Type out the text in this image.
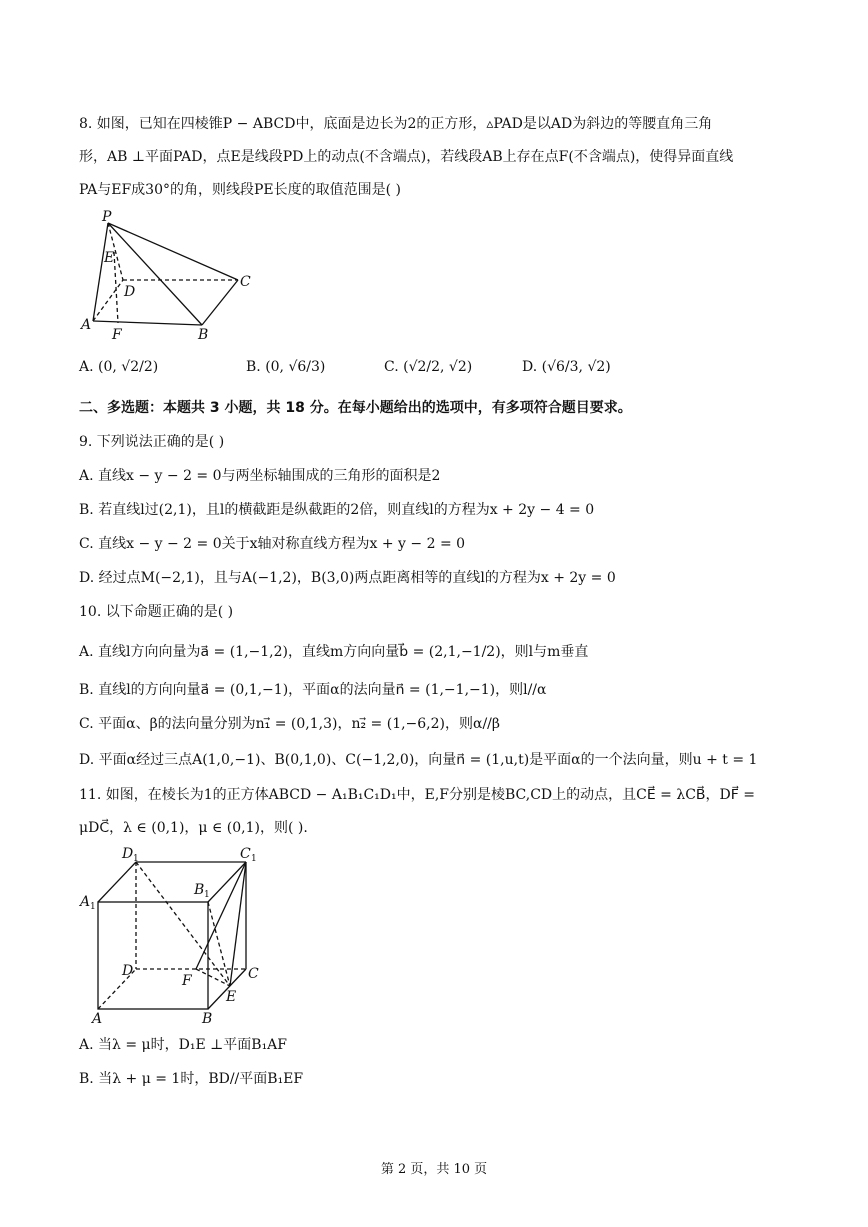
8. 如图，已知在四棱锥P − ABCD中，底面是边长为2的正方形，▵PAD是以AD为斜边的等腰直角三角
形，AB ⊥平面PAD，点E是线段PD上的动点(不含端点)，若线段AB上存在点F(不含端点)，使得异面直线
PA与EF成30°的角，则线段PE长度的取值范围是( )
P
E
D
C
A
F	B
A. (0, √2/2)	B. (0, √6/3)	C. (√2/2, √2)	D. (√6/3, √2)
二、多选题：本题共 3 小题，共 18 分。在每小题给出的选项中，有多项符合题目要求。
9. 下列说法正确的是( )
A. 直线x − y − 2 = 0与两坐标轴围成的三角形的面积是2
B. 若直线l过(2,1)，且l的横截距是纵截距的2倍，则直线l的方程为x + 2y − 4 = 0
C. 直线x − y − 2 = 0关于x轴对称直线方程为x + y − 2 = 0
D. 经过点M(−2,1)，且与A(−1,2)，B(3,0)两点距离相等的直线l的方程为x + 2y = 0
10. 以下命题正确的是( )
A. 直线l方向向量为a⃗ = (1,−1,2)，直线m方向向量b⃗ = (2,1,−1/2)，则l与m垂直
B. 直线l的方向向量a⃗ = (0,1,−1)，平面α的法向量n⃗ = (1,−1,−1)，则l//α
C. 平面α、β的法向量分别为n₁⃗ = (0,1,3)，n₂⃗ = (1,−6,2)，则α//β
D. 平面α经过三点A(1,0,−1)、B(0,1,0)、C(−1,2,0)，向量n⃗ = (1,u,t)是平面α的一个法向量，则u + t = 1
11. 如图，在棱长为1的正方体ABCD − A₁B₁C₁D₁中，E,F分别是棱BC,CD上的动点，且CE⃗ = λCB⃗，DF⃗ =
μDC⃗，λ ∈ (0,1)，μ ∈ (0,1)，则( ).
D 1	C 1
A 1
B 1
D	C
F
E
A	B
A. 当λ = μ时，D₁E ⊥平面B₁AF
B. 当λ + μ = 1时，BD//平面B₁EF
第 2 页，共 10 页
